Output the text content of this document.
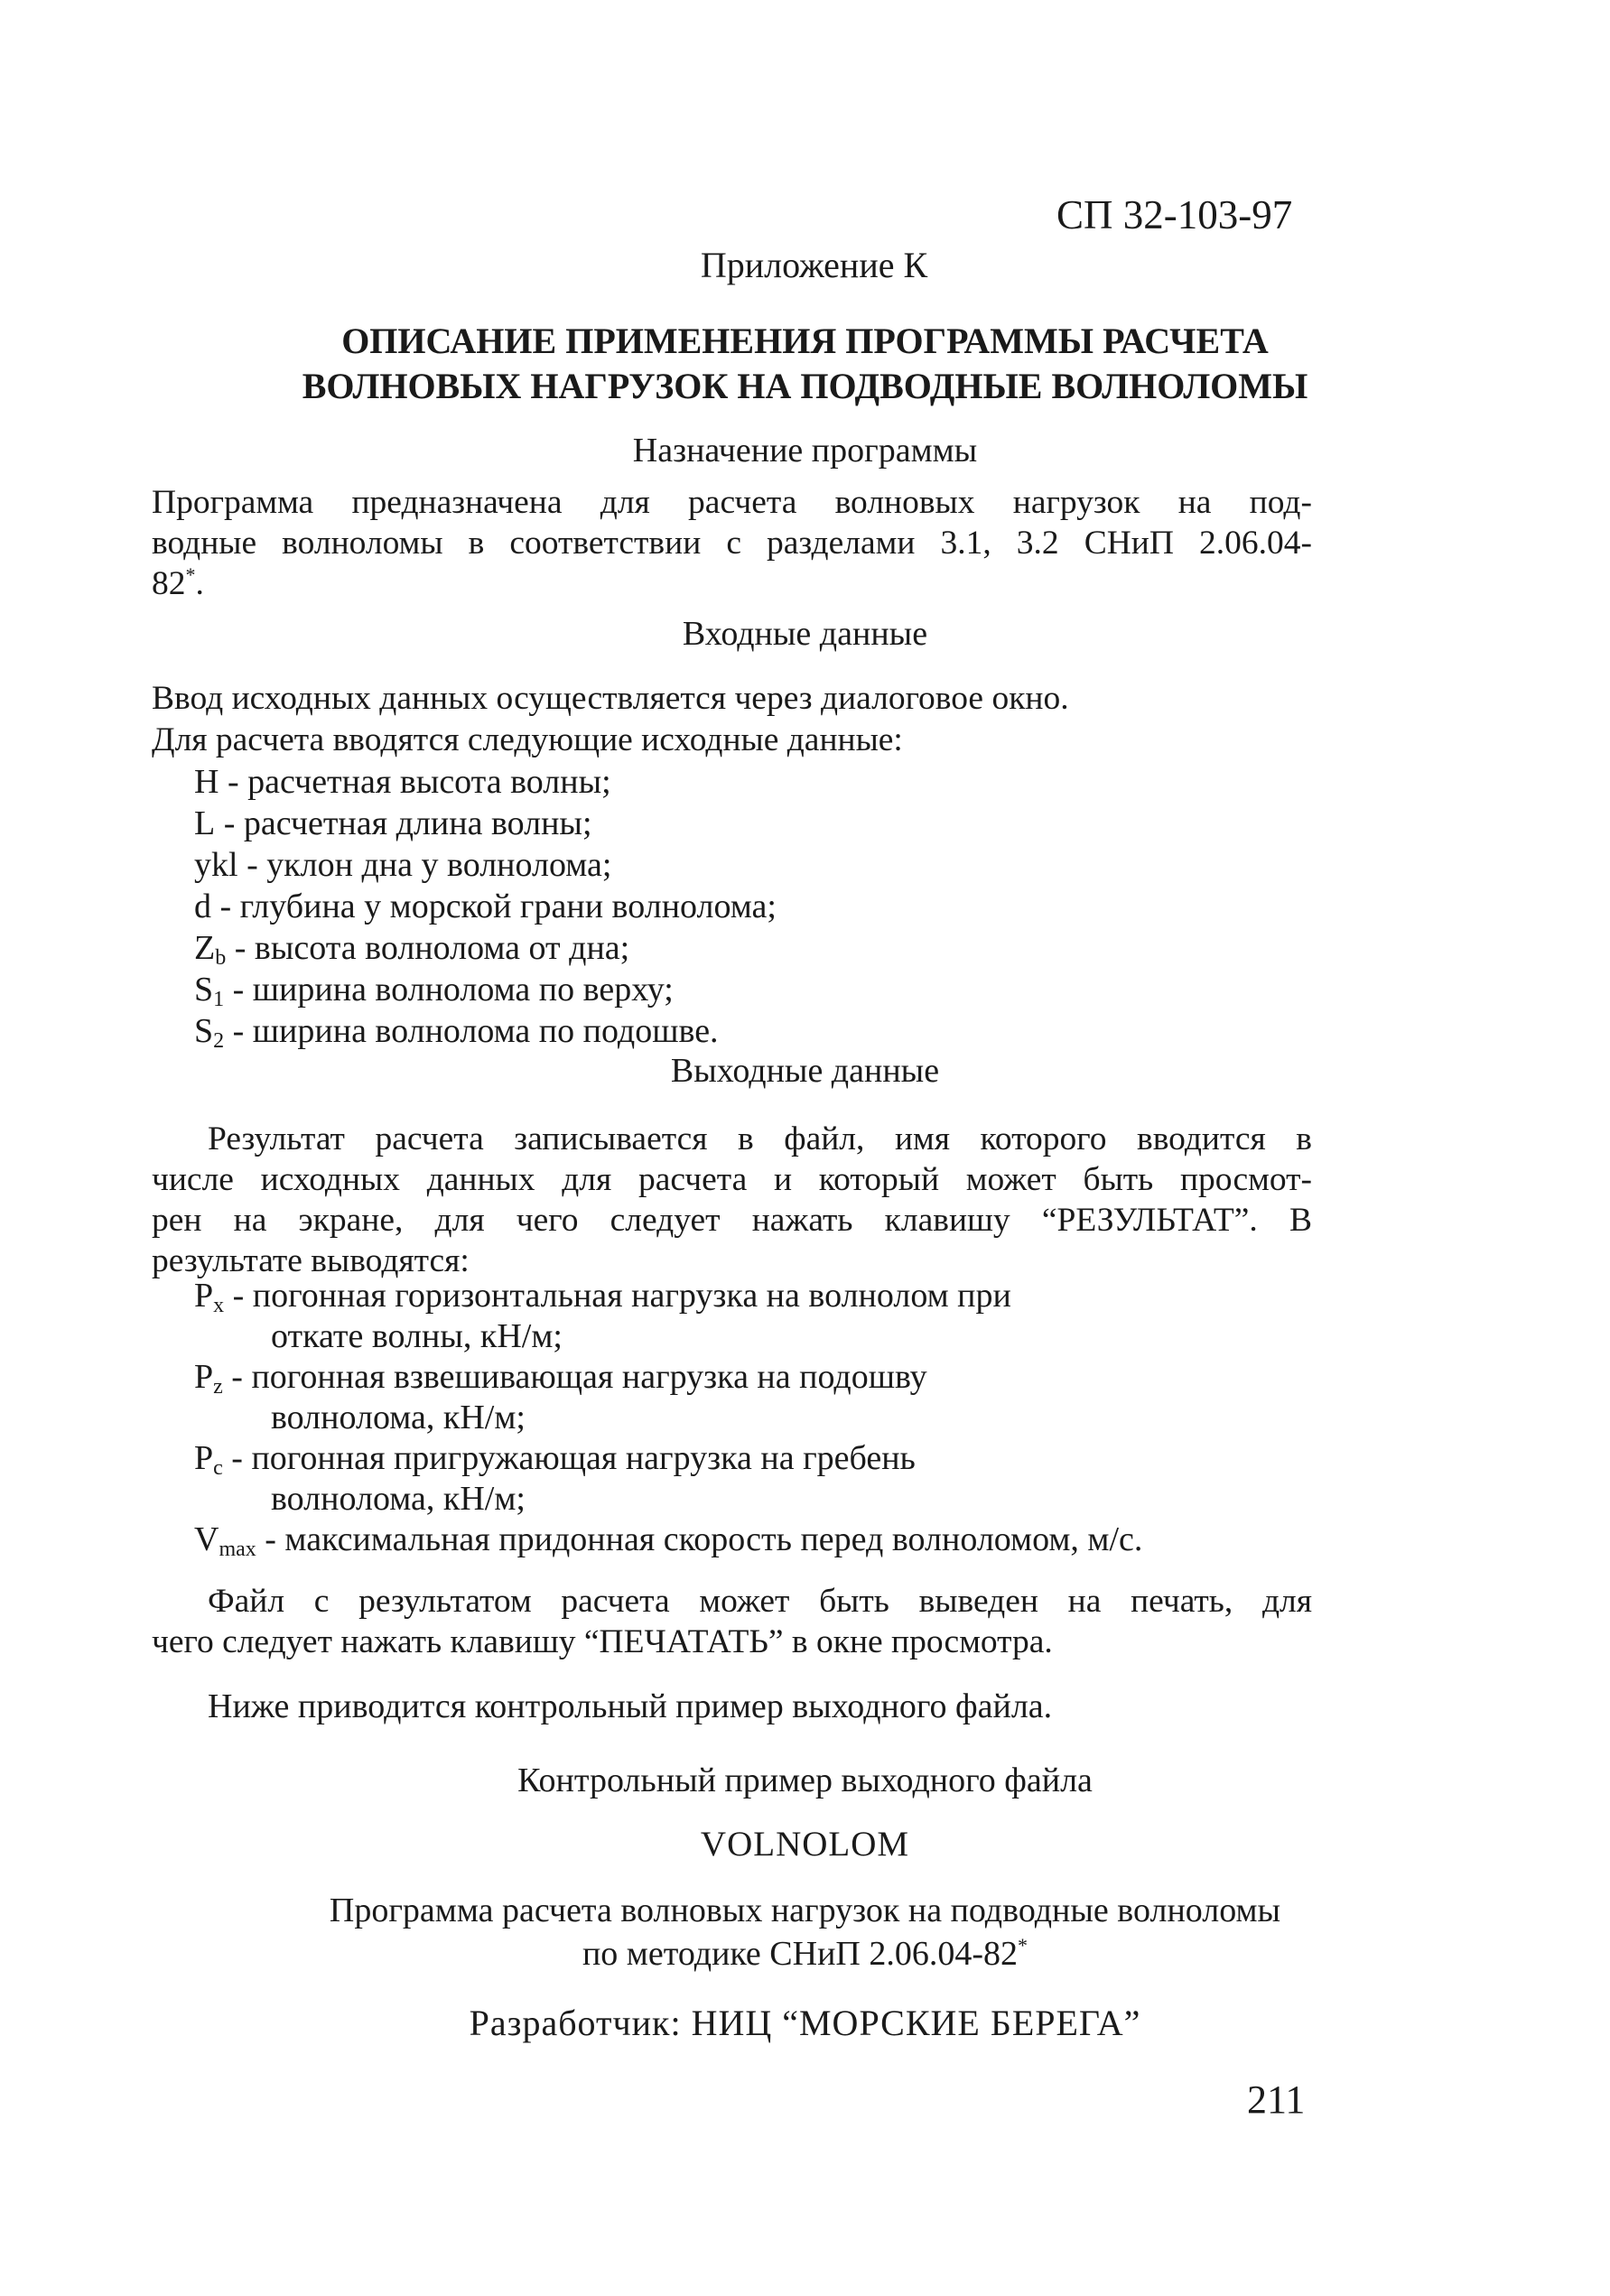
СП 32-103-97
Приложение К
ОПИСАНИЕ ПРИМЕНЕНИЯ ПРОГРАММЫ РАСЧЕТА
ВОЛНОВЫХ НАГРУЗОК НА ПОДВОДНЫЕ ВОЛНОЛОМЫ
Назначение программы
Программа предназначена для расчета волновых нагрузок на под-
водные волноломы в соответствии с разделами 3.1, 3.2 СНиП 2.06.04-
82*.
Входные данные
Ввод исходных данных осуществляется через диалоговое окно.
Для расчета вводятся следующие исходные данные:
H - расчетная высота волны;
L - расчетная длина волны;
ykl - уклон дна у волнолома;
d - глубина у морской грани волнолома;
$Z_b$ - высота волнолома от дна;
$S_1$ - ширина волнолома по верху;
$S_2$ - ширина волнолома по подошве.
Выходные данные
Результат расчета записывается в файл, имя которого вводится в
числе исходных данных для расчета и который может быть просмот-
рен на экране, для чего следует нажать клавишу “РЕЗУЛЬТАТ”. В
результате выводятся:
$P_x$ - погонная горизонтальная нагрузка на волнолом при
откате волны, кН/м;
$P_z$ - погонная взвешивающая нагрузка на подошву
волнолома, кН/м;
$P_c$ - погонная пригружающая нагрузка на гребень
волнолома, кН/м;
$V_{max}$ - максимальная придонная скорость перед волноломом, м/с.
Файл с результатом расчета может быть выведен на печать, для
чего следует нажать клавишу “ПЕЧАТАТЬ” в окне просмотра.
Ниже приводится контрольный пример выходного файла.
Контрольный пример выходного файла
VOLNOLOM
Программа расчета волновых нагрузок на подводные волноломы
по методике СНиП 2.06.04-82*
Разработчик: НИЦ “МОРСКИЕ БЕРЕГА”
211
